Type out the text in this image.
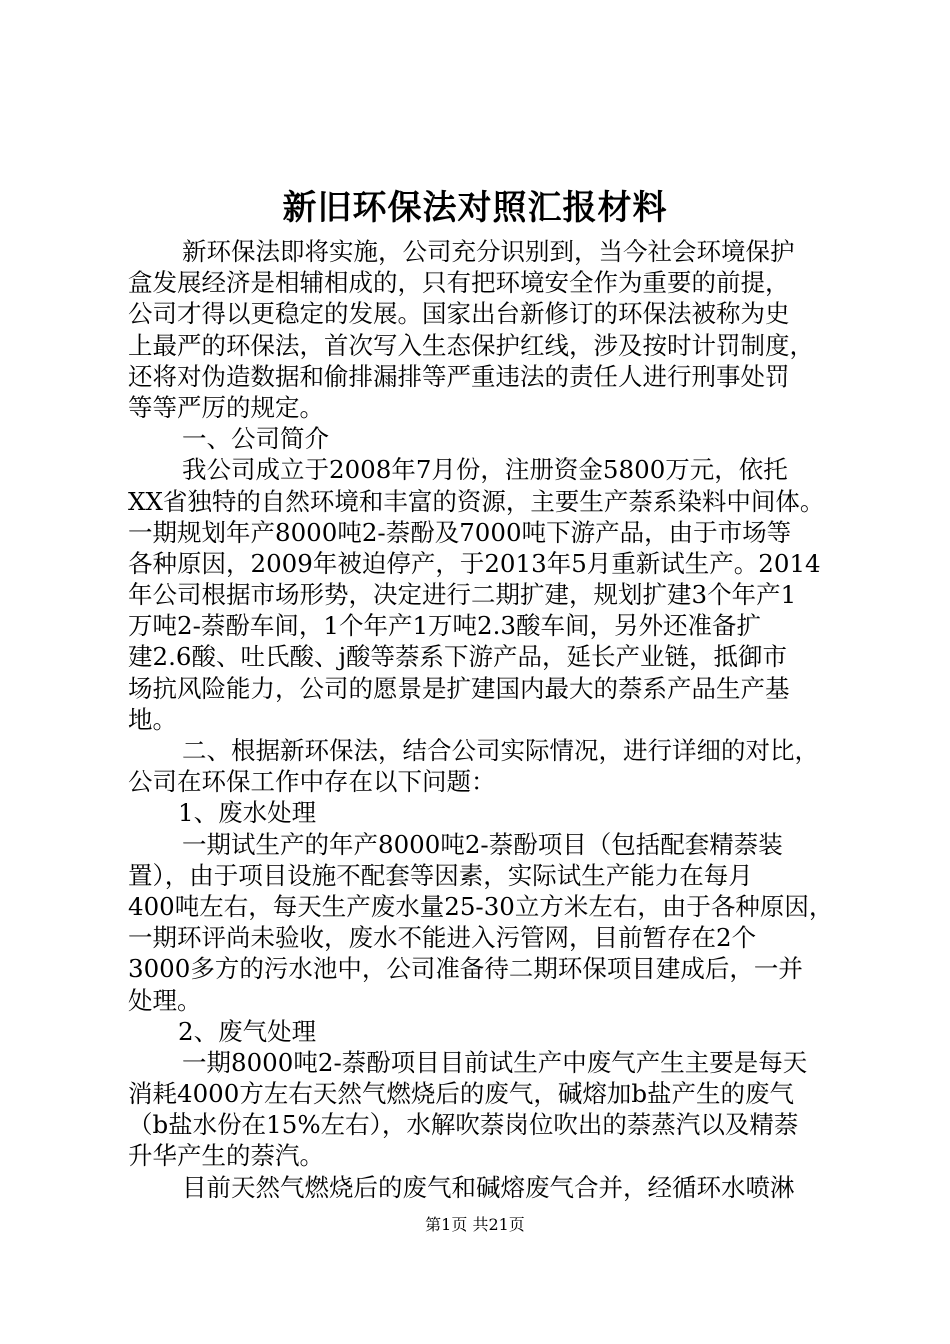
新旧环保法对照汇报材料
新环保法即将实施，公司充分识别到，当今社会环境保护
盒发展经济是相辅相成的，只有把环境安全作为重要的前提，
公司才得以更稳定的发展。国家出台新修订的环保法被称为史
上最严的环保法，首次写入生态保护红线，涉及按时计罚制度，
还将对伪造数据和偷排漏排等严重违法的责任人进行刑事处罚
等等严厉的规定。
一、公司简介
我公司成立于2008年7月份，注册资金5800万元，依托
XX省独特的自然环境和丰富的资源，主要生产萘系染料中间体。
一期规划年产8000吨2-萘酚及7000吨下游产品，由于市场等
各种原因，2009年被迫停产，于2013年5月重新试生产。2014
年公司根据市场形势，决定进行二期扩建，规划扩建3个年产1
万吨2-萘酚车间，1个年产1万吨2.3酸车间，另外还准备扩
建2.6酸、吐氏酸、j酸等萘系下游产品，延长产业链，抵御市
场抗风险能力，公司的愿景是扩建国内最大的萘系产品生产基
地。
二、根据新环保法，结合公司实际情况，进行详细的对比，
公司在环保工作中存在以下问题：
1、废水处理
一期试生产的年产8000吨2-萘酚项目（包括配套精萘装
置），由于项目设施不配套等因素，实际试生产能力在每月
400吨左右，每天生产废水量25-30立方米左右，由于各种原因，
一期环评尚未验收，废水不能进入污管网，目前暂存在2个
3000多方的污水池中，公司准备待二期环保项目建成后，一并
处理。
2、废气处理
一期8000吨2-萘酚项目目前试生产中废气产生主要是每天
消耗4000方左右天然气燃烧后的废气，碱熔加b盐产生的废气
（b盐水份在15%左右），水解吹萘岗位吹出的萘蒸汽以及精萘
升华产生的萘汽。
目前天然气燃烧后的废气和碱熔废气合并，经循环水喷淋
第1页 共21页
